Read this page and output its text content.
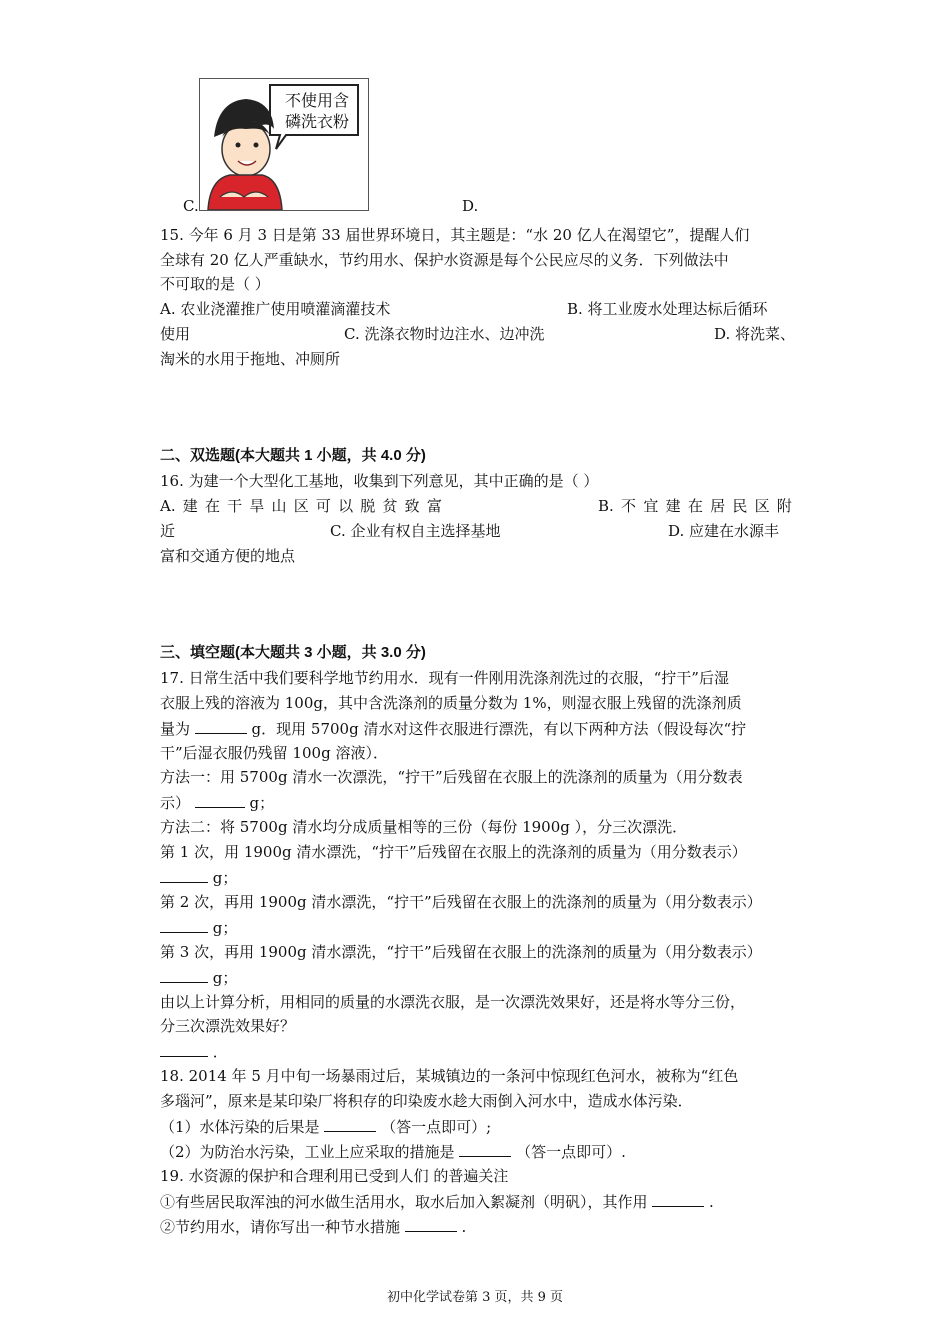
不使用含
磷洗衣粉
C.	D.
15. 今年 6 月 3 日是第 33 届世界环境日，其主题是：“水 20 亿人在渴望它”，提醒人们
全球有 20 亿人严重缺水，节约用水、保护水资源是每个公民应尽的义务．下列做法中
不可取的是（ ）
A. 农业浇灌推广使用喷灌滴灌技术	B. 将工业废水处理达标后循环
使用	C. 洗涤衣物时边注水、边冲洗	D. 将洗菜、
淘米的水用于拖地、冲厕所
二、双选题(本大题共 1 小题，共 4.0 分)
16. 为建一个大型化工基地，收集到下列意见，其中正确的是（ ）
A. 建 在 干 旱 山 区 可 以 脱 贫 致 富	B. 不 宜 建 在 居 民 区 附
近	C. 企业有权自主选择基地	D. 应建在水源丰
富和交通方便的地点
三、填空题(本大题共 3 小题，共 3.0 分)
17. 日常生活中我们要科学地节约用水．现有一件刚用洗涤剂洗过的衣服，“拧干”后湿
衣服上残的溶液为 100g，其中含洗涤剂的质量分数为 1%，则湿衣服上残留的洗涤剂质
量为	g．现用 5700g 清水对这件衣服进行漂洗，有以下两种方法（假设每次“拧
干”后湿衣服仍残留 100g 溶液）．
方法一：用 5700g 清水一次漂洗，“拧干”后残留在衣服上的洗涤剂的质量为（用分数表
示）	g；
方法二：将 5700g 清水均分成质量相等的三份（每份 1900g ），分三次漂洗．
第 1 次，用 1900g 清水漂洗，“拧干”后残留在衣服上的洗涤剂的质量为（用分数表示）
g；
第 2 次，再用 1900g 清水漂洗，“拧干”后残留在衣服上的洗涤剂的质量为（用分数表示）
g；
第 3 次，再用 1900g 清水漂洗，“拧干”后残留在衣服上的洗涤剂的质量为（用分数表示）
g；
由以上计算分析，用相同的质量的水漂洗衣服，是一次漂洗效果好，还是将水等分三份，
分三次漂洗效果好？
．
18. 2014 年 5 月中旬一场暴雨过后，某城镇边的一条河中惊现红色河水，被称为“红色
多瑙河”，原来是某印染厂将积存的印染废水趁大雨倒入河水中，造成水体污染．
（1）水体污染的后果是	（答一点即可）;
（2）为防治水污染，工业上应采取的措施是	（答一点即可）.
19. 水资源的保护和合理利用已受到人们 的普遍关注
①有些居民取浑浊的河水做生活用水，取水后加入絮凝剂（明矾），其作用	.
②节约用水，请你写出一种节水措施	.
初中化学试卷第 3 页，共 9 页
